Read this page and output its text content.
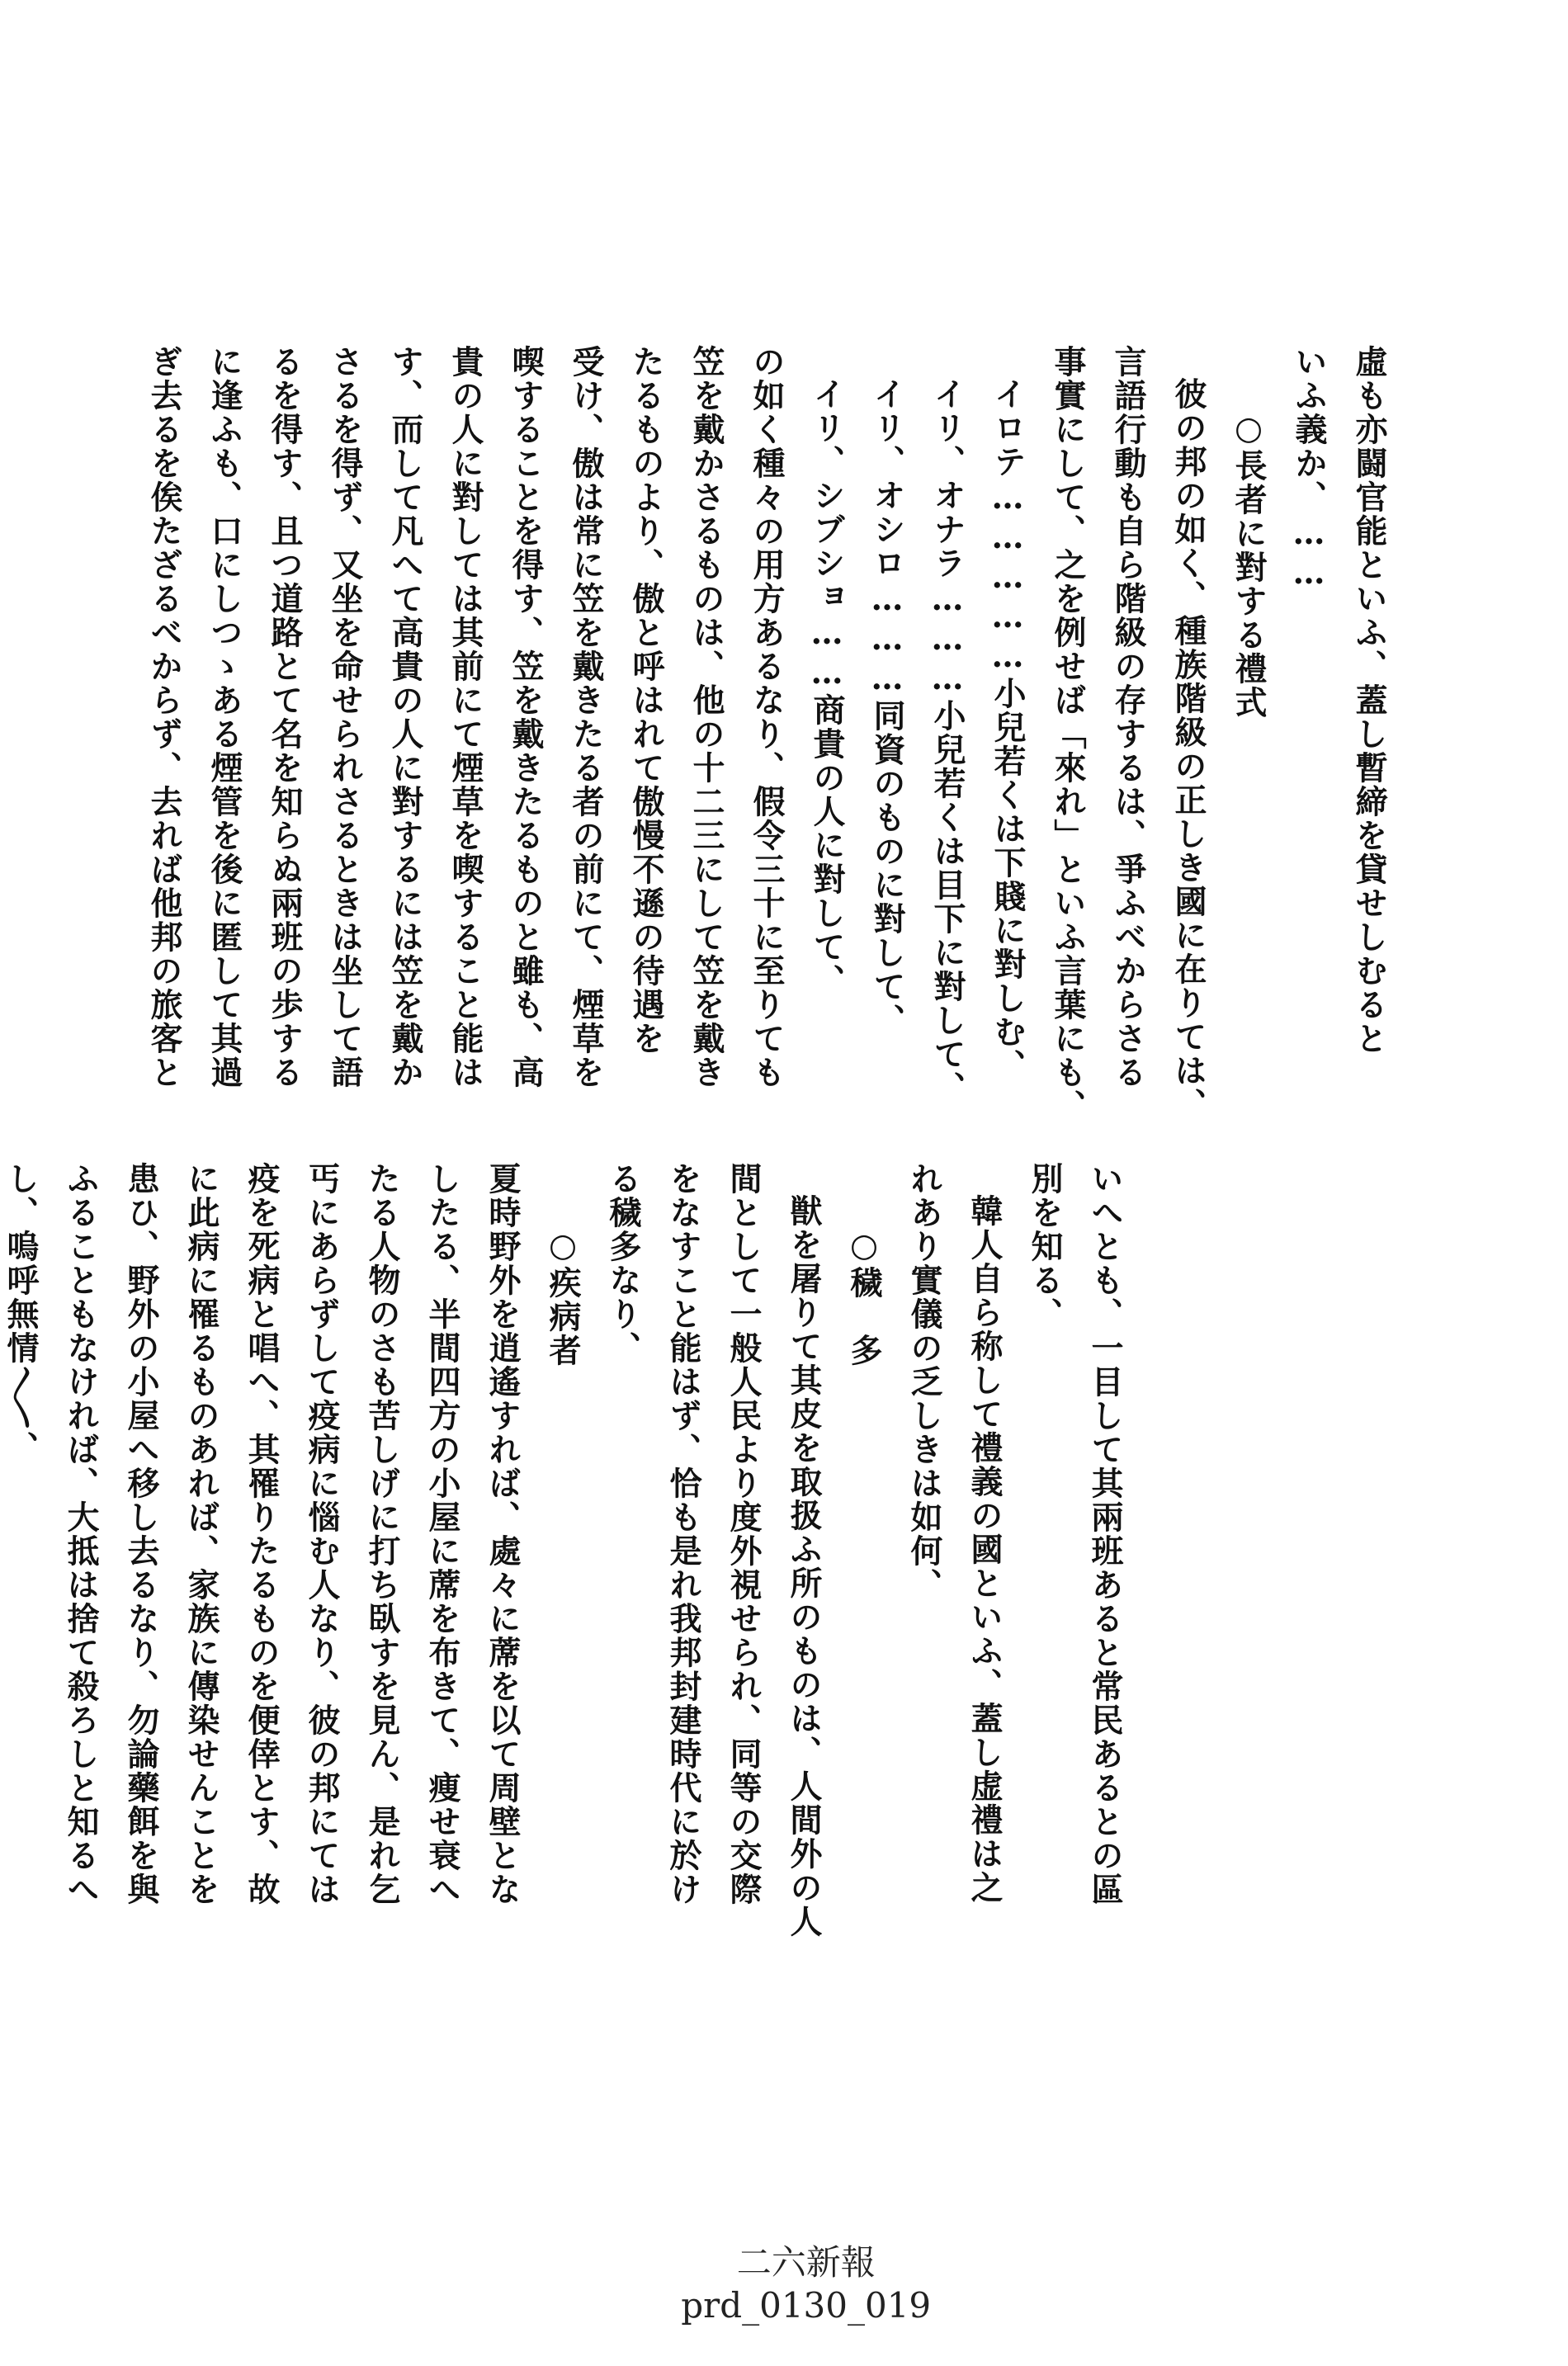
虛も亦闘官能といふ、蓋し暫締を貸せしむると
いふ義か、……
○長者に對する禮式
彼の邦の如く、種族階級の正しき國に在りては、
言語行動も自ら階級の存するは、爭ふべからさる
事實にして、之を例せば「來れ」といふ言葉にも、
イロテ……………小兒若くは下賤に對しむ、
イリ、オナラ………小兒若くは目下に對して、
イリ、オシロ………同資のものに對して、
イリ、シブショ……商貴の人に對して、
の如く種々の用方あるなり、假令三十に至りても
笠を戴かさるものは、他の十二三にして笠を戴き
たるものより、傲と呼はれて傲慢不遜の待遇を
受け、傲は常に笠を戴きたる者の前にて、煙草を
喫することを得す、笠を戴きたるものと雖も、高
貴の人に對しては其前にて煙草を喫すること能は
す、而して凡へて高貴の人に對するには笠を戴か
さるを得ず、又坐を命せられさるときは坐して語
るを得す、且つ道路とて名を知らぬ兩班の歩する
に逢ふも、口にしつゝある煙管を後に匿して其過
ぎ去るを俟たざるべからず、去れば他邦の旅客と
いへとも、一目して其兩班あると常民あるとの區
別を知る、
韓人自ら称して禮義の國といふ、蓋し虚禮は之
れあり實儀の乏しきは如何、
○穢　多
獣を屠りて其皮を取扱ふ所のものは、人間外の人
間として一般人民より度外視せられ、同等の交際
をなすこと能はず、恰も是れ我邦封建時代に於け
る穢多なり、
○疾病者
夏時野外を逍遙すれば、處々に蓆を以て周壁とな
したる、半間四方の小屋に蓆を布きて、痩せ衰へ
たる人物のさも苦しげに打ち臥すを見ん、是れ乞
丐にあらずして疫病に惱む人なり、彼の邦にては
疫を死病と唱へ、其罹りたるものを便倖とす、故
に此病に罹るものあれば、家族に傳染せんことを
患ひ、野外の小屋へ移し去るなり、勿論藥餌を與
ふることもなければ、大抵は捨て殺ろしと知るへ
し、嗚呼無情〳〵、

二六新報
prd_0130_019
